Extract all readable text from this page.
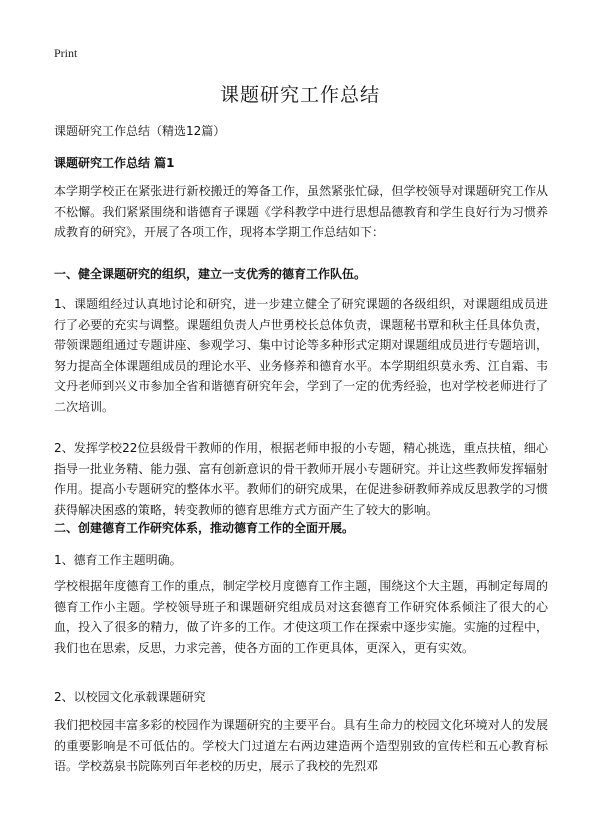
Print
课题研究工作总结

课题研究工作总结（精选12篇）

课题研究工作总结 篇1

本学期学校正在紧张进行新校搬迁的筹备工作，虽然紧张忙碌，但学校领导对课题研究工作从不松懈。我们紧紧围绕和谐德育子课题《学科教学中进行思想品德教育和学生良好行为习惯养成教育的研究》，开展了各项工作，现将本学期工作总结如下：

一、健全课题研究的组织，建立一支优秀的德育工作队伍。

1、课题组经过认真地讨论和研究，进一步建立健全了研究课题的各级组织，对课题组成员进行了必要的充实与调整。课题组负责人卢世勇校长总体负责，课题秘书覃和秋主任具体负责，带领课题组通过专题讲座、参观学习、集中讨论等多种形式定期对课题组成员进行专题培训，努力提高全体课题组成员的理论水平、业务修养和德育水平。本学期组织莫永秀、江自霜、韦文丹老师到兴义市参加全省和谐德育研究年会，学到了一定的优秀经验，也对学校老师进行了二次培训。

2、发挥学校22位县级骨干教师的作用，根据老师申报的小专题，精心挑选，重点扶植，细心指导一批业务精、能力强、富有创新意识的骨干教师开展小专题研究。并让这些教师发挥辐射作用。提高小专题研究的整体水平。教师们的研究成果，在促进参研教师养成反思教学的习惯获得解决困惑的策略，转变教师的德育思维方式方面产生了较大的影响。

二、创建德育工作研究体系，推动德育工作的全面开展。

1、德育工作主题明确。

学校根据年度德育工作的重点，制定学校月度德育工作主题，围绕这个大主题，再制定每周的德育工作小主题。学校领导班子和课题研究组成员对这套德育工作研究体系倾注了很大的心血，投入了很多的精力，做了许多的工作。才使这项工作在探索中逐步实施。实施的过程中，我们也在思索，反思，力求完善，使各方面的工作更具体，更深入，更有实效。

2、以校园文化承载课题研究

我们把校园丰富多彩的校园作为课题研究的主要平台。具有生命力的校园文化环境对人的发展的重要影响是不可低估的。学校大门过道左右两边建造两个造型别致的宣传栏和五心教育标语。学校荔泉书院陈列百年老校的历史，展示了我校的先烈邓
